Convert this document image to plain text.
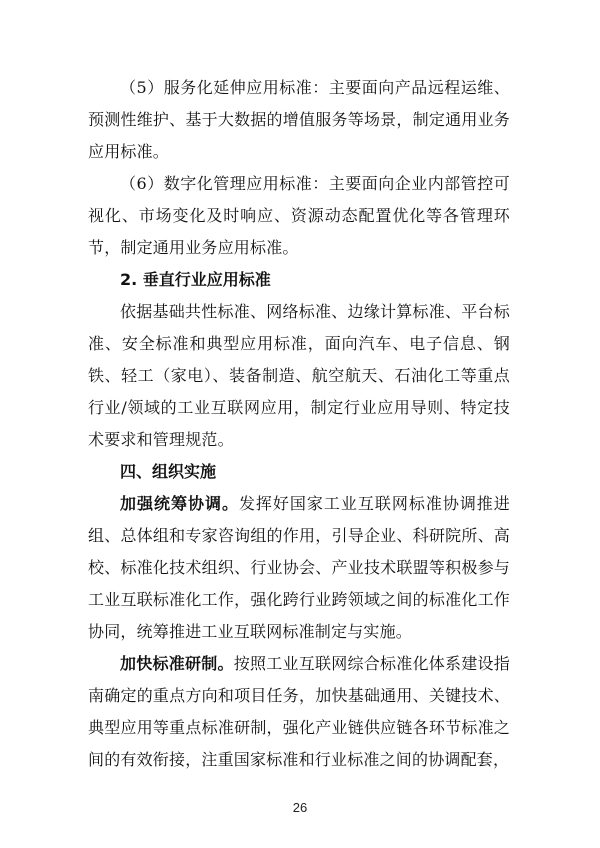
（5）服务化延伸应用标准：主要面向产品远程运维、预测性维护、基于大数据的增值服务等场景，制定通用业务应用标准。

（6）数字化管理应用标准：主要面向企业内部管控可视化、市场变化及时响应、资源动态配置优化等各管理环节，制定通用业务应用标准。

2. 垂直行业应用标准

依据基础共性标准、网络标准、边缘计算标准、平台标准、安全标准和典型应用标准，面向汽车、电子信息、钢铁、轻工（家电）、装备制造、航空航天、石油化工等重点行业/领域的工业互联网应用，制定行业应用导则、特定技术要求和管理规范。

四、组织实施

加强统筹协调。发挥好国家工业互联网标准协调推进组、总体组和专家咨询组的作用，引导企业、科研院所、高校、标准化技术组织、行业协会、产业技术联盟等积极参与工业互联标准化工作，强化跨行业跨领域之间的标准化工作协同，统筹推进工业互联网标准制定与实施。

加快标准研制。按照工业互联网综合标准化体系建设指南确定的重点方向和项目任务，加快基础通用、关键技术、典型应用等重点标准研制，强化产业链供应链各环节标准之间的有效衔接，注重国家标准和行业标准之间的协调配套，

26
